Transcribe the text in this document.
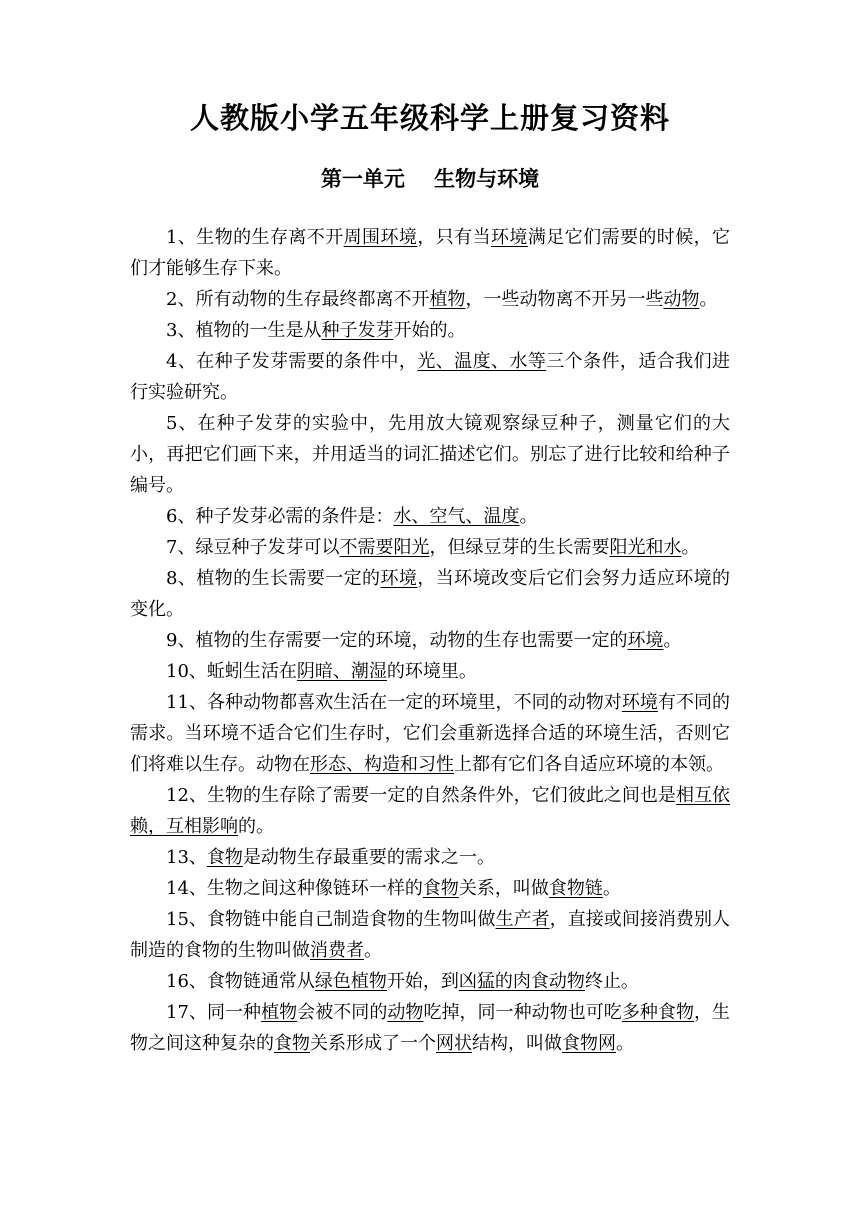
人教版小学五年级科学上册复习资料
第一单元    生物与环境

1、生物的生存离不开周围环境，只有当环境满足它们需要的时候，它们才能够生存下来。

2、所有动物的生存最终都离不开植物，一些动物离不开另一些动物。

3、植物的一生是从种子发芽开始的。

4、在种子发芽需要的条件中，光、温度、水等三个条件，适合我们进行实验研究。

5、在种子发芽的实验中，先用放大镜观察绿豆种子，测量它们的大小，再把它们画下来，并用适当的词汇描述它们。别忘了进行比较和给种子编号。

6、种子发芽必需的条件是：水、空气、温度。

7、绿豆种子发芽可以不需要阳光，但绿豆芽的生长需要阳光和水。

8、植物的生长需要一定的环境，当环境改变后它们会努力适应环境的变化。

9、植物的生存需要一定的环境，动物的生存也需要一定的环境。

10、蚯蚓生活在阴暗、潮湿的环境里。

11、各种动物都喜欢生活在一定的环境里，不同的动物对环境有不同的需求。当环境不适合它们生存时，它们会重新选择合适的环境生活，否则它们将难以生存。动物在形态、构造和习性上都有它们各自适应环境的本领。

12、生物的生存除了需要一定的自然条件外，它们彼此之间也是相互依赖，互相影响的。

13、食物是动物生存最重要的需求之一。

14、生物之间这种像链环一样的食物关系，叫做食物链。

15、食物链中能自己制造食物的生物叫做生产者，直接或间接消费别人制造的食物的生物叫做消费者。

16、食物链通常从绿色植物开始，到凶猛的肉食动物终止。

17、同一种植物会被不同的动物吃掉，同一种动物也可吃多种食物，生物之间这种复杂的食物关系形成了一个网状结构，叫做食物网。
